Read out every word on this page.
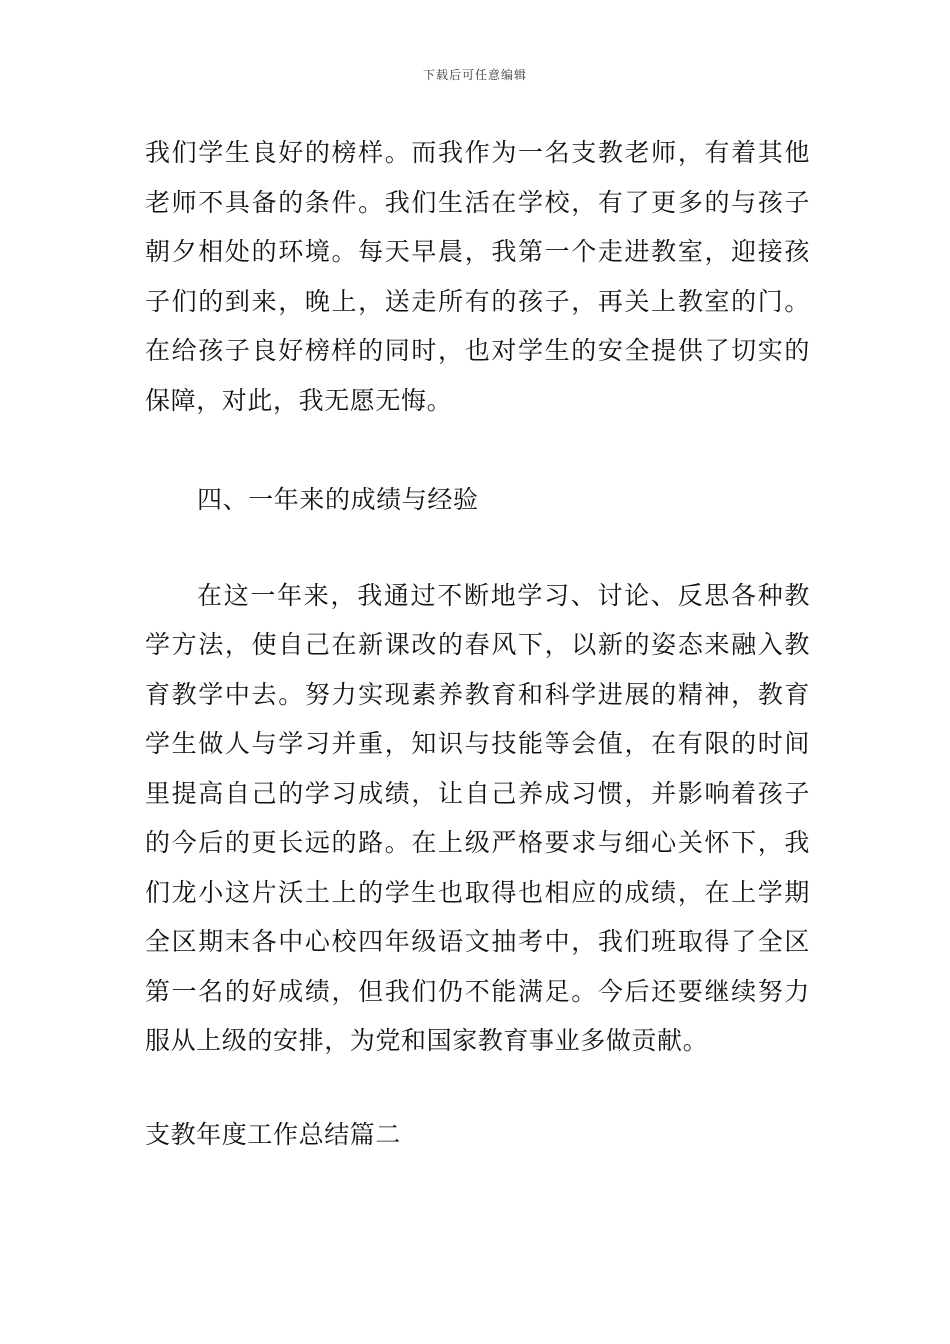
下载后可任意编辑

我们学生良好的榜样。而我作为一名支教老师，有着其他老师不具备的条件。我们生活在学校，有了更多的与孩子朝夕相处的环境。每天早晨，我第一个走进教室，迎接孩子们的到来，晚上，送走所有的孩子，再关上教室的门。在给孩子良好榜样的同时，也对学生的安全提供了切实的保障，对此，我无愿无悔。

四、一年来的成绩与经验

在这一年来，我通过不断地学习、讨论、反思各种教学方法，使自己在新课改的春风下，以新的姿态来融入教育教学中去。努力实现素养教育和科学进展的精神，教育学生做人与学习并重，知识与技能等会值，在有限的时间里提高自己的学习成绩，让自己养成习惯，并影响着孩子的今后的更长远的路。在上级严格要求与细心关怀下，我们龙小这片沃土上的学生也取得也相应的成绩，在上学期全区期末各中心校四年级语文抽考中，我们班取得了全区第一名的好成绩，但我们仍不能满足。今后还要继续努力服从上级的安排，为党和国家教育事业多做贡献。

支教年度工作总结篇二
